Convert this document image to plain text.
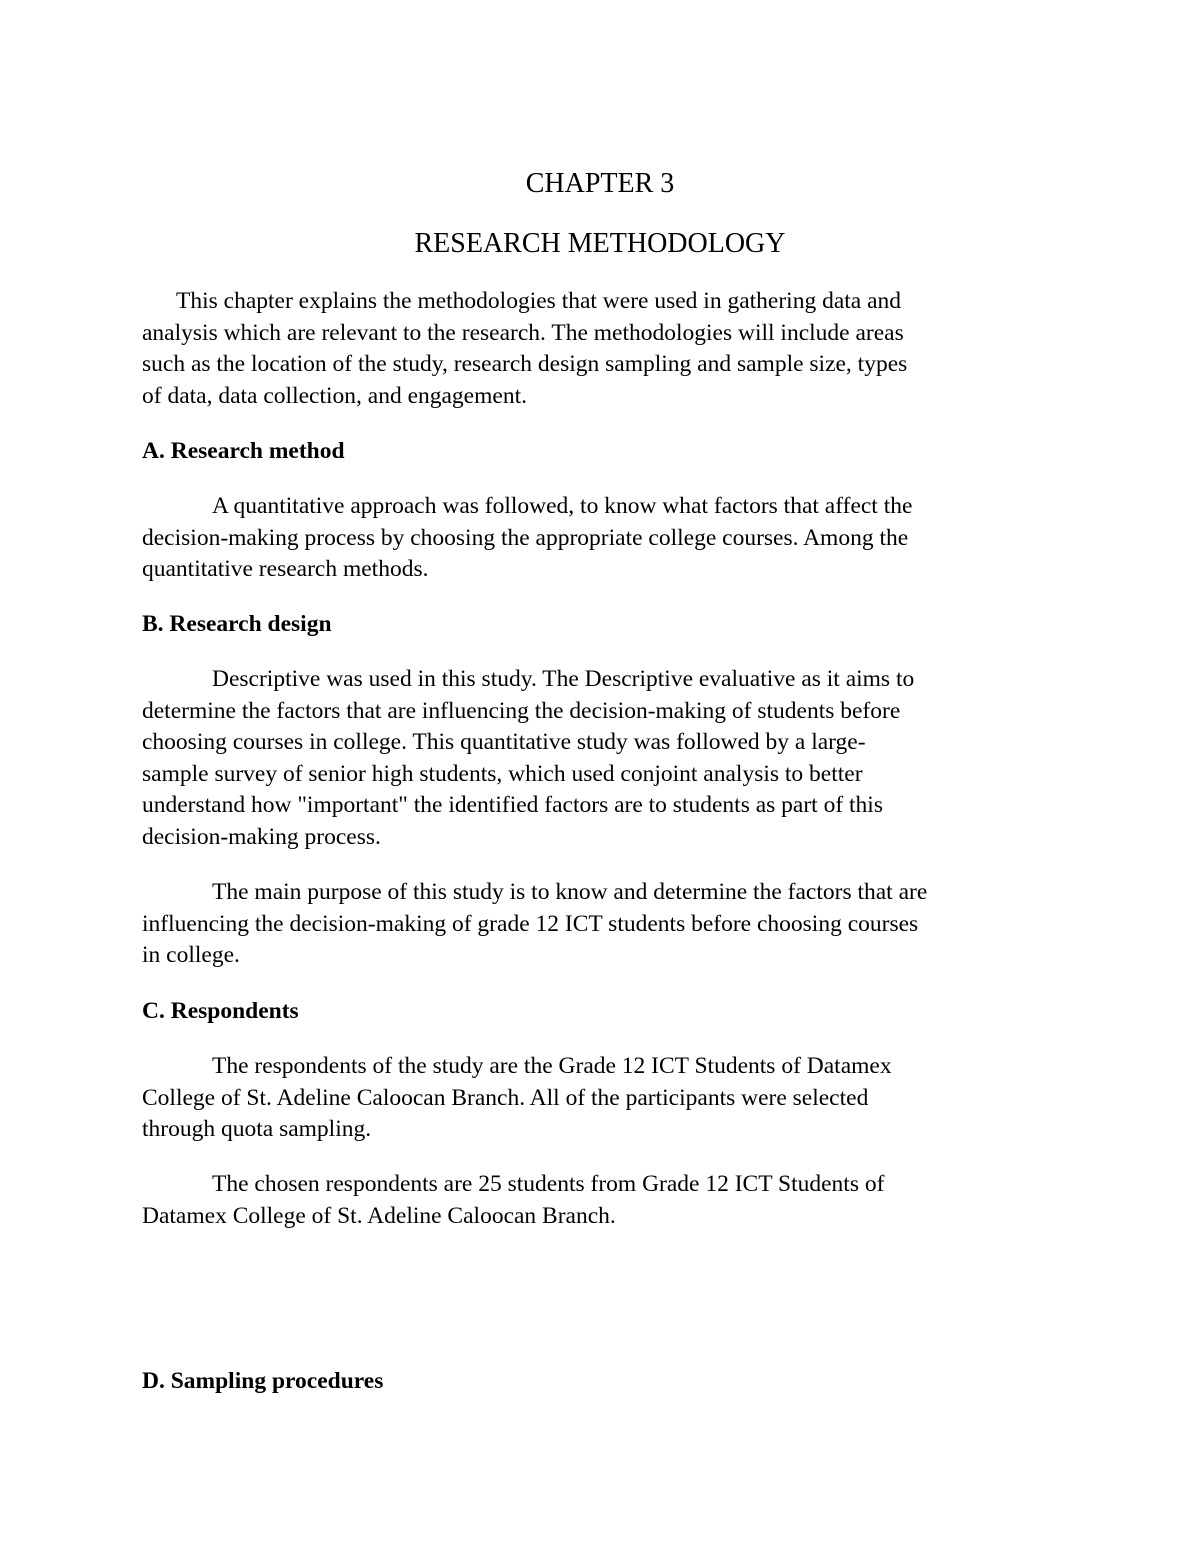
CHAPTER 3
RESEARCH METHODOLOGY

This chapter explains the methodologies that were used in gathering data and
analysis which are relevant to the research. The methodologies will include areas
such as the location of the study, research design sampling and sample size, types
of data, data collection, and engagement.

A. Research method

A quantitative approach was followed, to know what factors that affect the
decision-making process by choosing the appropriate college courses. Among the
quantitative research methods.

B. Research design

Descriptive was used in this study. The Descriptive evaluative as it aims to
determine the factors that are influencing the decision-making of students before
choosing courses in college. This quantitative study was followed by a large-
sample survey of senior high students, which used conjoint analysis to better
understand how "important" the identified factors are to students as part of this
decision-making process.

The main purpose of this study is to know and determine the factors that are
influencing the decision-making of grade 12 ICT students before choosing courses
in college.

C. Respondents

The respondents of the study are the Grade 12 ICT Students of Datamex
College of St. Adeline Caloocan Branch. All of the participants were selected
through quota sampling.

The chosen respondents are 25 students from Grade 12 ICT Students of
Datamex College of St. Adeline Caloocan Branch.

D. Sampling procedures
